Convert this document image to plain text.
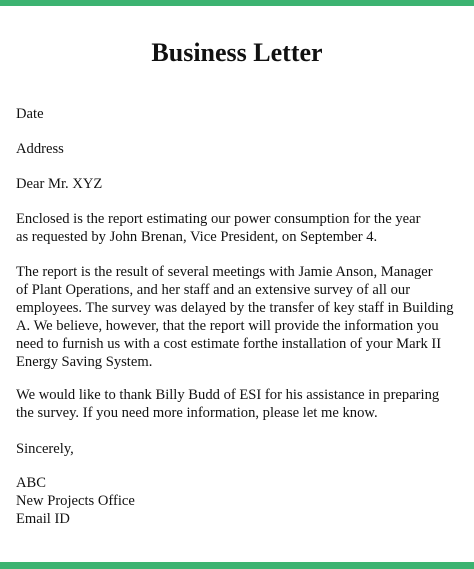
Business Letter

Date

Address

Dear Mr. XYZ

Enclosed is the report estimating our power consumption for the year
as requested by John Brenan, Vice President, on September 4.

The report is the result of several meetings with Jamie Anson, Manager
of Plant Operations, and her staff and an extensive survey of all our
employees. The survey was delayed by the transfer of key staff in Building
A. We believe, however, that the report will provide the information you
need to furnish us with a cost estimate forthe installation of your Mark II
Energy Saving System.

We would like to thank Billy Budd of ESI for his assistance in preparing
the survey. If you need more information, please let me know.

Sincerely,

ABC
New Projects Office
Email ID
